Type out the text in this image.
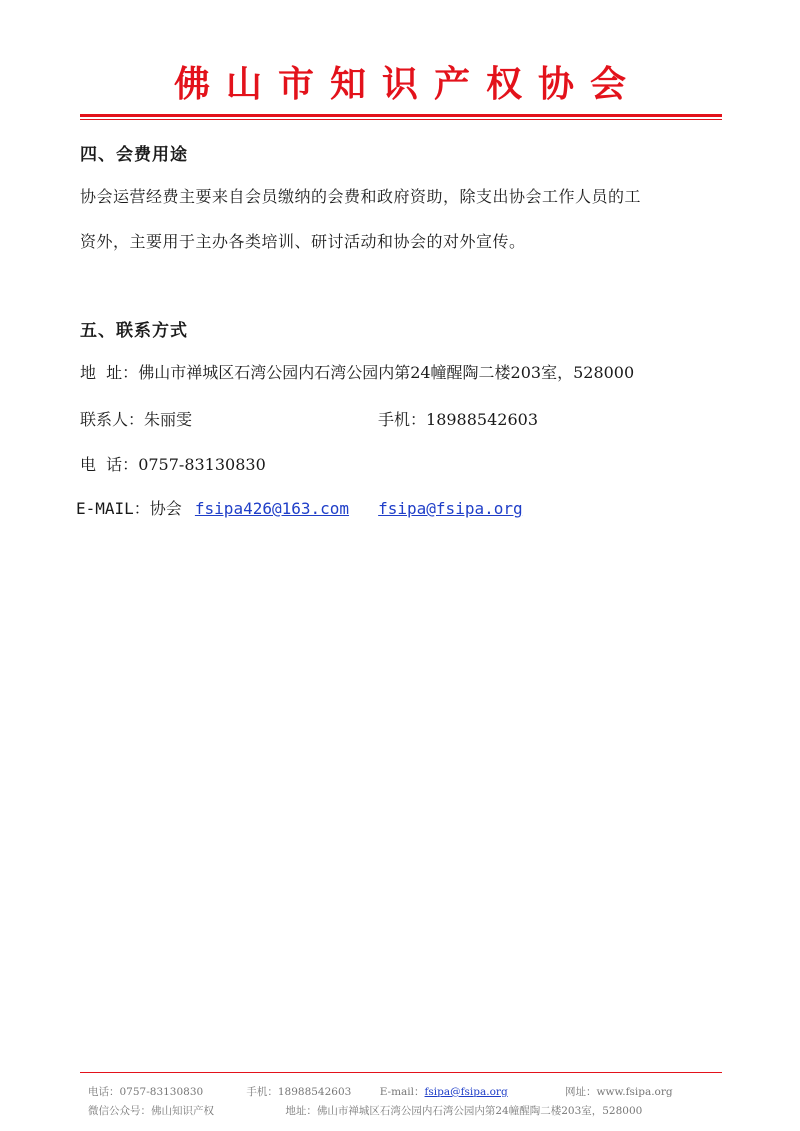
佛山市知识产权协会
四、会费用途
协会运营经费主要来自会员缴纳的会费和政府资助，除支出协会工作人员的工
资外，主要用于主办各类培训、研讨活动和协会的对外宣传。
五、联系方式
地  址：佛山市禅城区石湾公园内石湾公园内第24幢醒陶二楼203室，528000
联系人：朱丽雯	手机：18988542603
电  话：0757-83130830
E-MAIL：协会 fsipa426@163.com fsipa@fsipa.org
电话：0757-83130830	手机：18988542603	E-mail：fsipa@fsipa.org	网址：www.fsipa.org
微信公众号：佛山知识产权	地址：佛山市禅城区石湾公园内石湾公园内第24幢醒陶二楼203室，528000
